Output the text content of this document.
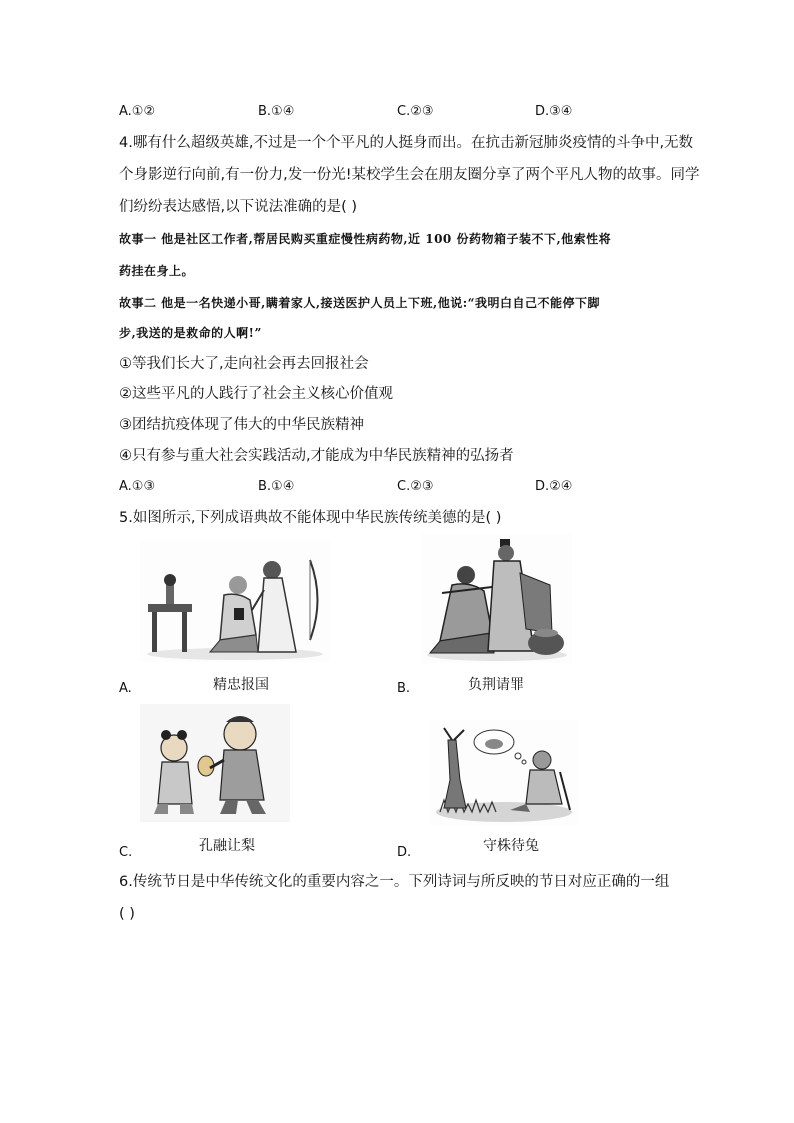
A.①②	B.①④	C.②③	D.③④
4.哪有什么超级英雄,不过是一个个平凡的人挺身而出。在抗击新冠肺炎疫情的斗争中,无数
个身影逆行向前,有一份力,发一份光!某校学生会在朋友圈分享了两个平凡人物的故事。同学
们纷纷表达感悟,以下说法准确的是( )
故事一 他是社区工作者,帮居民购买重症慢性病药物,近 100 份药物箱子装不下,他索性将
药挂在身上。
故事二 他是一名快递小哥,瞒着家人,接送医护人员上下班,他说:“我明白自己不能停下脚
步,我送的是救命的人啊!”
①等我们长大了,走向社会再去回报社会
②这些平凡的人践行了社会主义核心价值观
③团结抗疫体现了伟大的中华民族精神
④只有参与重大社会实践活动,才能成为中华民族精神的弘扬者
A.①③	B.①④	C.②③	D.②④
5.如图所示,下列成语典故不能体现中华民族传统美德的是( )
A.	精忠报国	B.	负荆请罪
C.	孔融让梨	D.	守株待兔
6.传统节日是中华传统文化的重要内容之一。下列诗词与所反映的节日对应正确的一组
( )
